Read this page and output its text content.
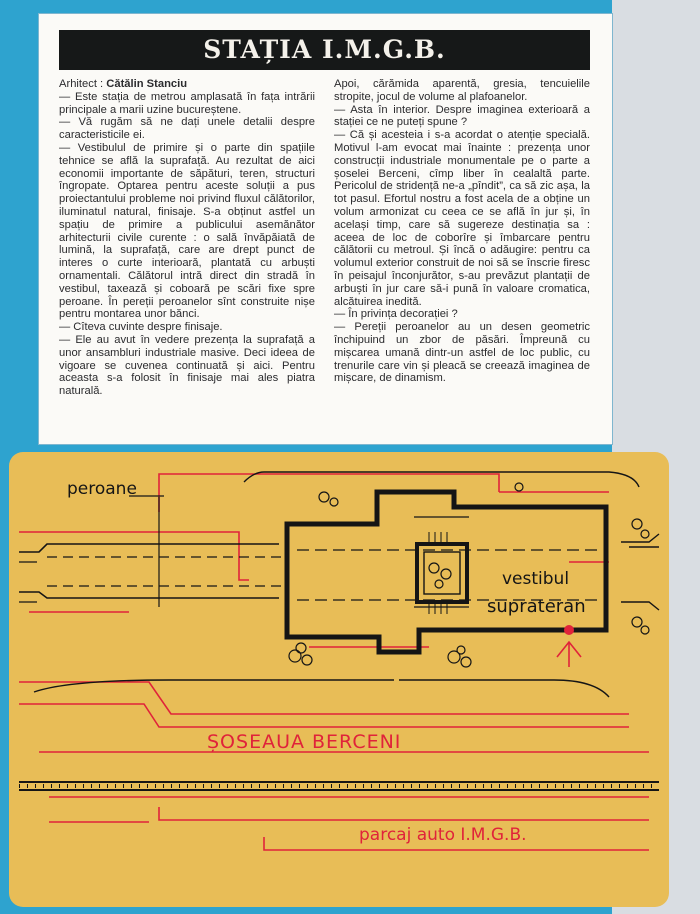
STAȚIA I.M.G.B.

Arhitect : Cătălin Stanciu

— Este stația de metrou amplasată în fața intrării principale a marii uzine bucureștene.

— Vă rugăm să ne dați unele detalii despre caracteristicile ei.

— Vestibulul de primire și o parte din spațiile tehnice se află la suprafață. Au rezultat de aici economii importante de săpături, teren, structuri îngropate. Optarea pentru aceste soluții a pus proiectantului probleme noi privind fluxul călătorilor, iluminatul natural, finisaje. S-a obținut astfel un spațiu de primire a publicului asemănător arhitecturii civile curente : o sală învăpăiată de lumină, la suprafață, care are drept punct de interes o curte interioară, plantată cu arbuști ornamentali. Călătorul intră direct din stradă în vestibul, taxează și coboară pe scări fixe spre peroane. În pereții peroanelor sînt construite nișe pentru montarea unor bănci.

— Cîteva cuvinte despre finisaje.

— Ele au avut în vedere prezența la suprafață a unor ansambluri industriale masive. Deci ideea de vigoare se cuvenea continuată și aici. Pentru aceasta s-a folosit în finisaje mai ales piatra naturală.

Apoi, cărămida aparentă, gresia, tencuielile stropite, jocul de volume al plafoanelor.

— Asta în interior. Despre imaginea exterioară a stației ce ne puteți spune ?

— Că și acesteia i s-a acordat o atenție specială. Motivul l-am evocat mai înainte : prezența unor construcții industriale monumentale pe o parte a șoselei Berceni, cîmp liber în cealaltă parte. Pericolul de stridență ne-a „pîndit”, ca să zic așa, la tot pasul. Efortul nostru a fost acela de a obține un volum armonizat cu ceea ce se află în jur și, în același timp, care să sugereze destinația sa : aceea de loc de coborîre și îmbarcare pentru călătorii cu metroul. Și încă o adăugire: pentru ca volumul exterior construit de noi să se înscrie firesc în peisajul înconjurător, s-au prevăzut plantații de arbuști în jur care să-i pună în valoare cromatica, alcătuirea inedită.

— În privința decorației ?

— Pereții peroanelor au un desen geometric închipuind un zbor de păsări. Împreună cu mișcarea umană dintr-un astfel de loc public, cu trenurile care vin și pleacă se creează imaginea de mișcare, de dinamism.

peroane
vestibul
suprateran
ȘOSEAUA BERCENI
parcaj auto I.M.G.B.
